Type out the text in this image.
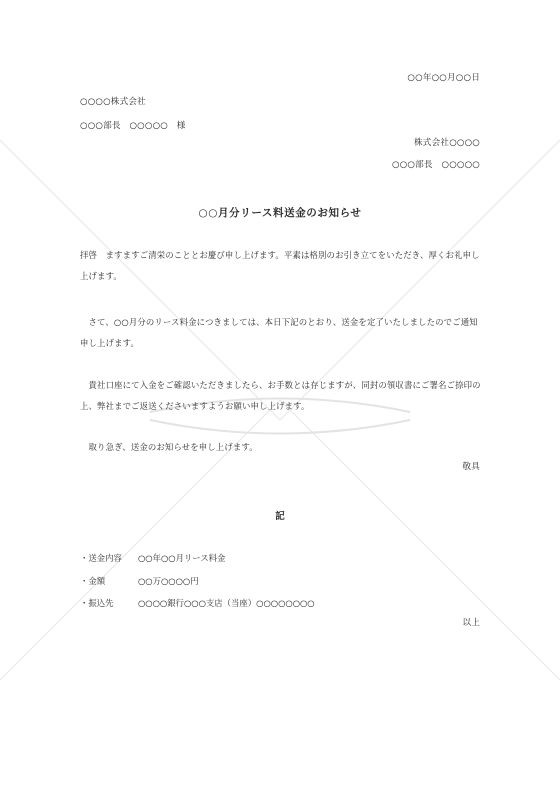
○○年○○月○○日
○○○○株式会社
○○○部長　○○○○○　様
株式会社○○○○
○○○部長　○○○○○
○○月分リース料送金のお知らせ
拝啓　ますますご清栄のこととお慶び申し上げます。平素は格別のお引き立てをいただき、厚くお礼申し上げます。
　さて、○○月分のリース料金につきましては、本日下記のとおり、送金を定了いたしましたのでご通知申し上げます。
　貴社口座にて入金をご確認いただきましたら、お手数とは存じますが、同封の領収書にご署名ご捺印の上、弊社までご返送くださいますようお願い申し上げます。
　取り急ぎ、送金のお知らせを申し上げます。
敬具
記
・送金内容 ○○年○○月リース料金
・金額	○○万○○○○円
・振込先	○○○○銀行○○○支店（当座）○○○○○○○○
以上
